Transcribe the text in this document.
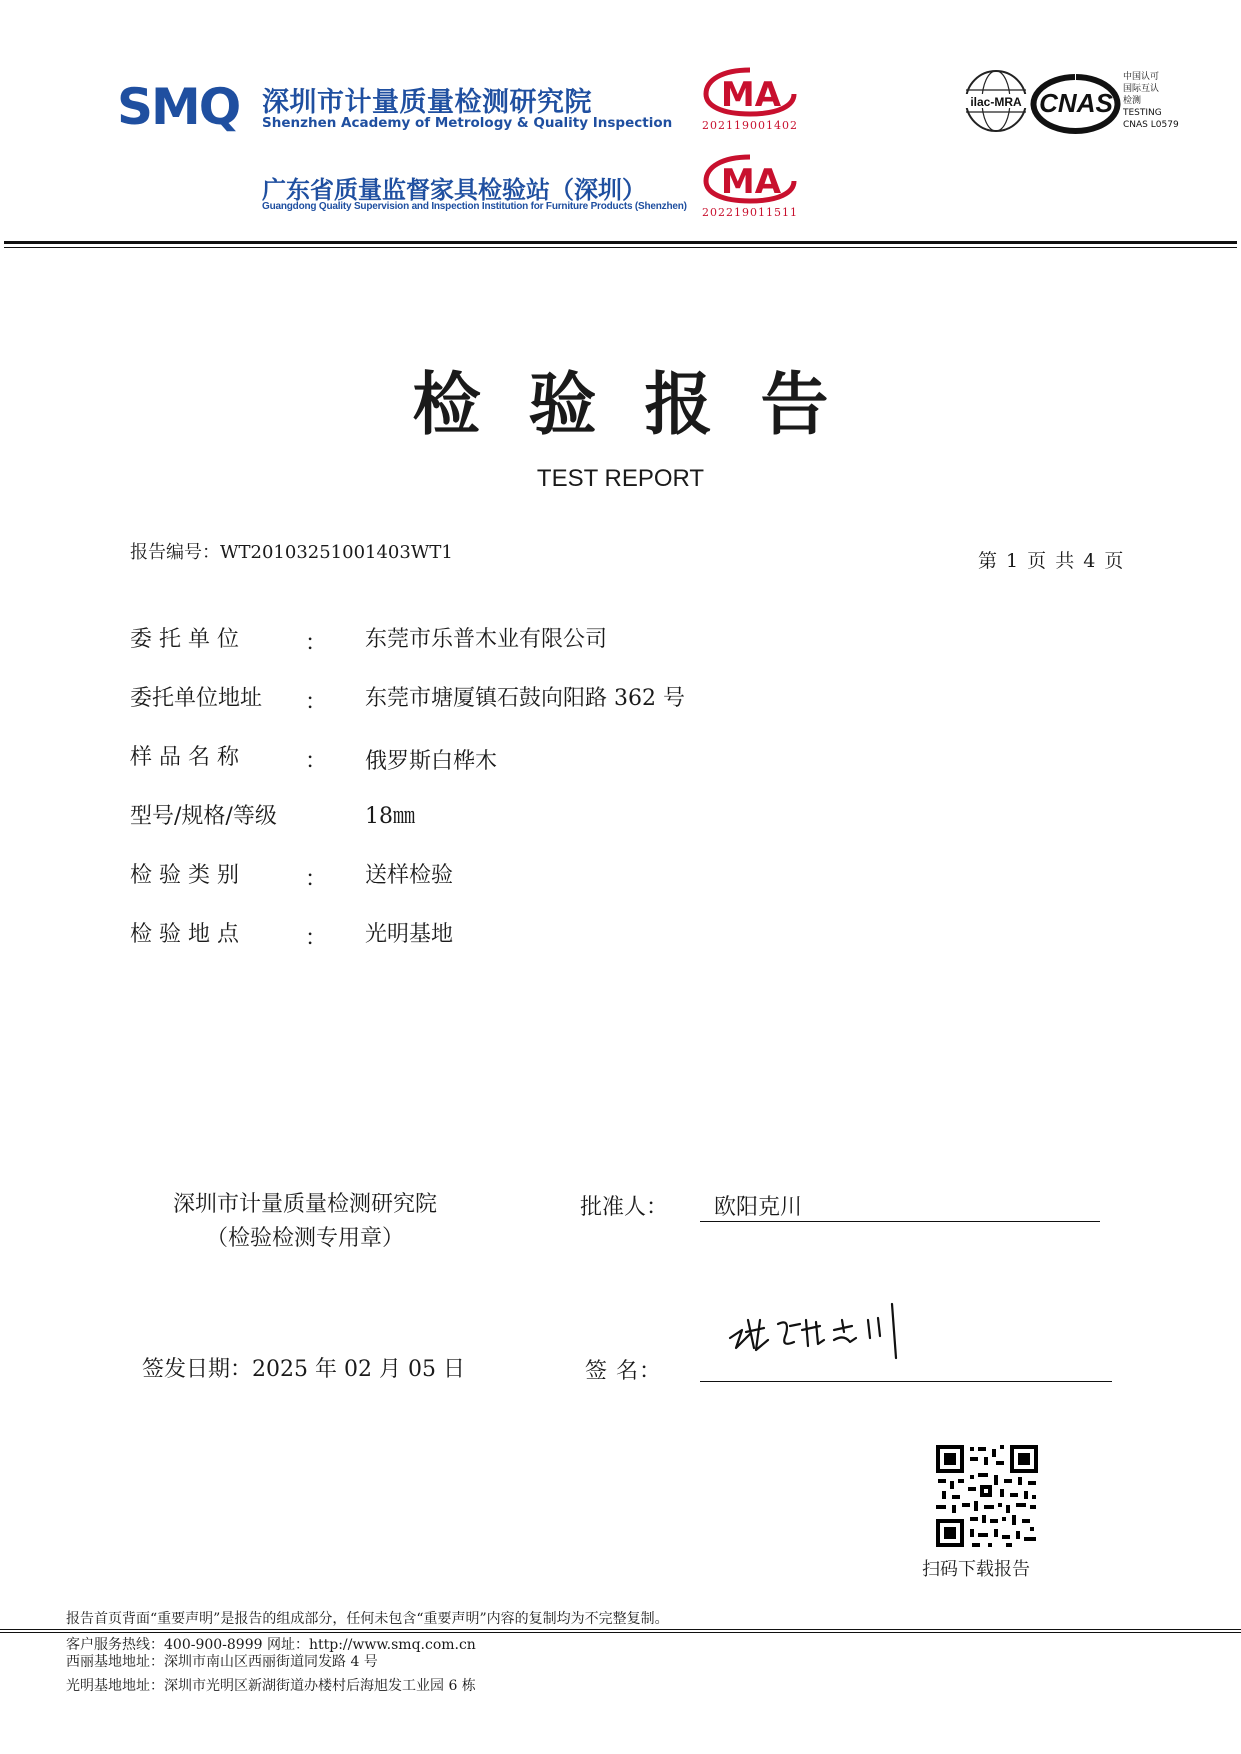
SMQ 深圳市计量质量检测研究院
Shenzhen Academy of Metrology & Quality Inspection
广东省质量监督家具检验站（深圳）
Guangdong Quality Supervision and Inspection Institution for Furniture Products (Shenzhen)
MA
202119001402
MA
202219011511
ilac-MRA CNAS
中国认可
国际互认
检测
TESTING
CNAS L0579
检验报告
TEST REPORT
报告编号：WT20103251001403WT1	第 1 页 共 4 页
委 托 单 位	： 东莞市乐普木业有限公司
委托单位地址 ： 东莞市塘厦镇石鼓向阳路 362 号
样 品 名 称	： 俄罗斯白桦木
型号/规格/等级	18㎜
检 验 类 别	： 送样检验
检 验 地 点	： 光明基地
深圳市计量质量检测研究院
（检验检测专用章）
批准人： 欧阳克川
签发日期：2025 年 02 月 05 日	签 名：
扫码下载报告
报告首页背面“重要声明”是报告的组成部分，任何未包含“重要声明”内容的复制均为不完整复制。
客户服务热线：400-900-8999 网址：http://www.smq.com.cn
西丽基地地址：深圳市南山区西丽街道同发路 4 号
光明基地地址：深圳市光明区新湖街道办楼村后海旭发工业园 6 栋
